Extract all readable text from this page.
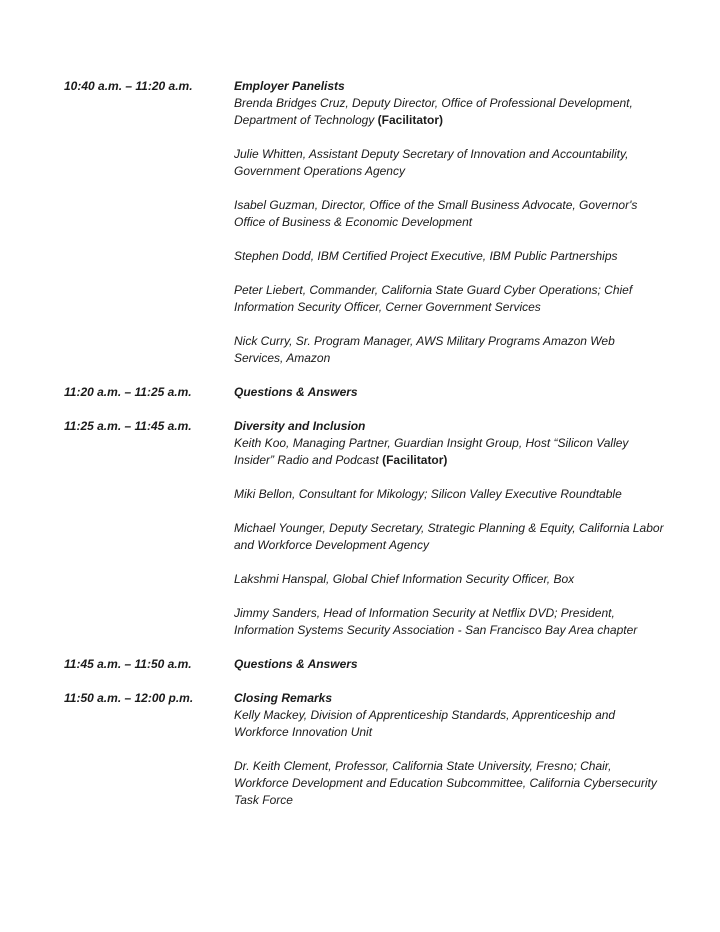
10:40 a.m. – 11:20 a.m.	Employer Panelists
Brenda Bridges Cruz, Deputy Director, Office of Professional Development, Department of Technology (Facilitator)
Julie Whitten, Assistant Deputy Secretary of Innovation and Accountability, Government Operations Agency
Isabel Guzman, Director, Office of the Small Business Advocate, Governor's Office of Business & Economic Development
Stephen Dodd, IBM Certified Project Executive, IBM Public Partnerships
Peter Liebert, Commander, California State Guard Cyber Operations; Chief Information Security Officer, Cerner Government Services
Nick Curry, Sr. Program Manager, AWS Military Programs Amazon Web Services, Amazon
11:20 a.m. – 11:25 a.m.	Questions & Answers
11:25 a.m. – 11:45 a.m.	Diversity and Inclusion
Keith Koo, Managing Partner, Guardian Insight Group, Host “Silicon Valley Insider” Radio and Podcast (Facilitator)
Miki Bellon, Consultant for Mikology; Silicon Valley Executive Roundtable
Michael Younger, Deputy Secretary, Strategic Planning & Equity, California Labor and Workforce Development Agency
Lakshmi Hanspal, Global Chief Information Security Officer, Box
Jimmy Sanders, Head of Information Security at Netflix DVD; President, Information Systems Security Association - San Francisco Bay Area chapter
11:45 a.m. – 11:50 a.m.	Questions & Answers
11:50 a.m. – 12:00 p.m.	Closing Remarks
Kelly Mackey, Division of Apprenticeship Standards, Apprenticeship and Workforce Innovation Unit
Dr. Keith Clement, Professor, California State University, Fresno; Chair, Workforce Development and Education Subcommittee, California Cybersecurity Task Force
